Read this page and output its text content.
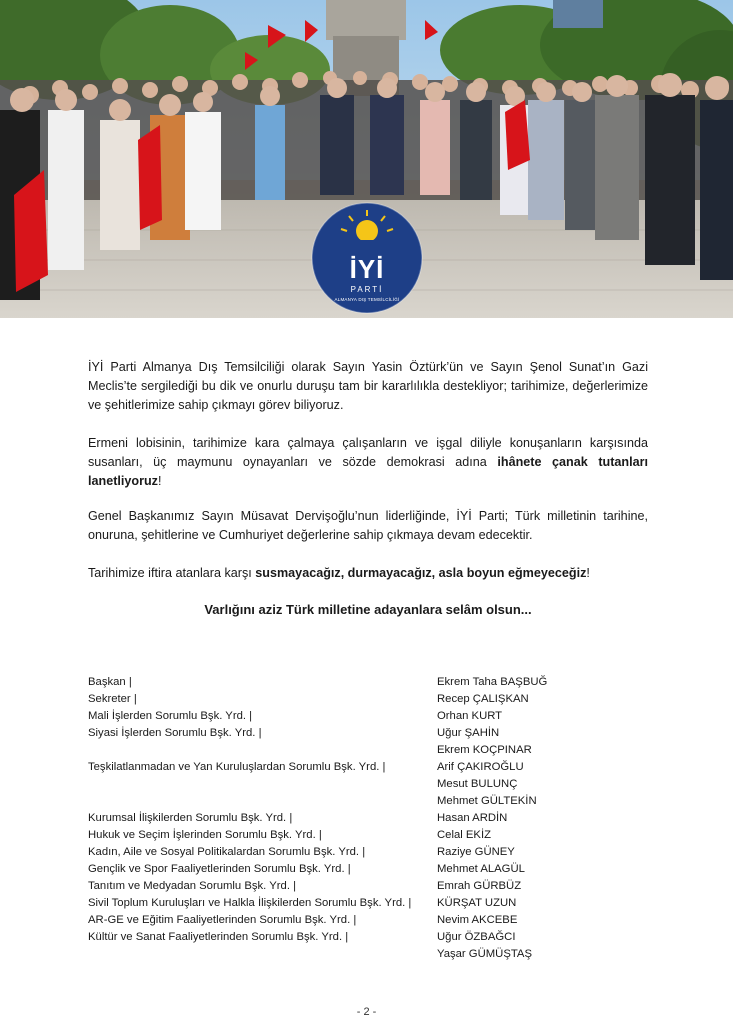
İYİ
PARTİ
ALMANYA DIŞ TEMSİLCİLİĞİ

İYİ Parti Almanya Dış Temsilciliği olarak Sayın Yasin Öztürk’ün ve Sayın Şenol Sunat’ın Gazi Meclis’te sergilediği bu dik ve onurlu duruşu tam bir kararlılıkla destekliyor; tarihimize, değerlerimize ve şehitlerimize sahip çıkmayı görev biliyoruz.

Ermeni lobisinin, tarihimize kara çalmaya çalışanların ve işgal diliyle konuşanların karşısında susanları, üç maymunu oynayanları ve sözde demokrasi adına ihânete çanak tutanları lanetliyoruz!

Genel Başkanımız Sayın Müsavat Dervişoğlu’nun liderliğinde, İYİ Parti; Türk milletinin tarihine, onuruna, şehitlerine ve Cumhuriyet değerlerine sahip çıkmaya devam edecektir.

Tarihimize iftira atanlara karşı susmayacağız, durmayacağız, asla boyun eğmeyeceğiz!

Varlığını aziz Türk milletine adayanlara selâm olsun...

Başkan |

Sekreter |

Mali İşlerden Sorumlu Bşk. Yrd. |

Siyasi İşlerden Sorumlu Bşk. Yrd. |

Teşkilatlanmadan ve Yan Kuruluşlardan Sorumlu Bşk. Yrd. |

Kurumsal İlişkilerden Sorumlu Bşk. Yrd. |

Hukuk ve Seçim İşlerinden Sorumlu Bşk. Yrd. |

Kadın, Aile ve Sosyal Politikalardan Sorumlu Bşk. Yrd. |

Gençlik ve Spor Faaliyetlerinden Sorumlu Bşk. Yrd. |

Tanıtım ve Medyadan Sorumlu Bşk. Yrd. |

Sivil Toplum Kuruluşları ve Halkla İlişkilerden Sorumlu Bşk. Yrd. |

AR-GE ve Eğitim Faaliyetlerinden Sorumlu Bşk. Yrd. |

Kültür ve Sanat Faaliyetlerinden Sorumlu Bşk. Yrd. |

Ekrem Taha BAŞBUĞ

Recep ÇALIŞKAN

Orhan KURT

Uğur ŞAHİN

Ekrem KOÇPINAR

Arif ÇAKIROĞLU

Mesut BULUNÇ

Mehmet GÜLTEKİN

Hasan ARDİN

Celal EKİZ

Raziye GÜNEY

Mehmet ALAGÜL

Emrah GÜRBÜZ

KÜRŞAT UZUN

Nevim AKCEBE

Uğur ÖZBAĞCI

Yaşar GÜMÜŞTAŞ

- 2 -
